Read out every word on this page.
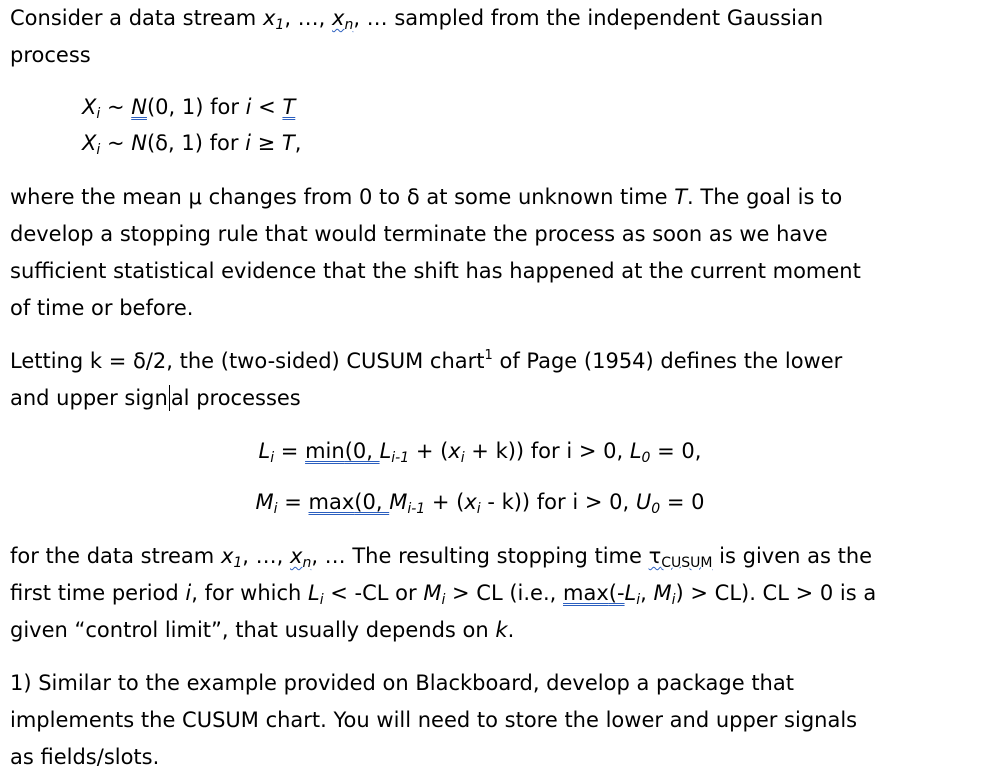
Consider a data stream $x_1$, …, $x_n$, … sampled from the independent Gaussian
process
$X_i$ ~ N(0, 1) for i < T
$X_i$ ~ N(δ, 1) for i ≥ T,
where the mean μ changes from 0 to δ at some unknown time T. The goal is to
develop a stopping rule that would terminate the process as soon as we have
sufficient statistical evidence that the shift has happened at the current moment
of time or before.
Letting k = δ/2, the (two-sided) CUSUM chart$^1$ of Page (1954) defines the lower
and upper sign al processes
$L_i = \min(0$, $L_{i-1} + (x_i + k)$) for i > 0, $L_0 = 0$,
$M_i = \max(0$, $M_{i-1} + (x_i - k)$) for i > 0, $U_0 = 0$
for the data stream $x_1$, …, $x_n$, … The resulting stopping time $\tau_{CUSUM}$ is given as the
first time period i, for which $L_i < -CL$ or $M_i$ > CL (i.e., $\max(-L_i$, $M_i) > CL$). CL > 0 is a
given “control limit”, that usually depends on k.
1) Similar to the example provided on Blackboard, develop a package that
implements the CUSUM chart. You will need to store the lower and upper signals
as fields/slots.
